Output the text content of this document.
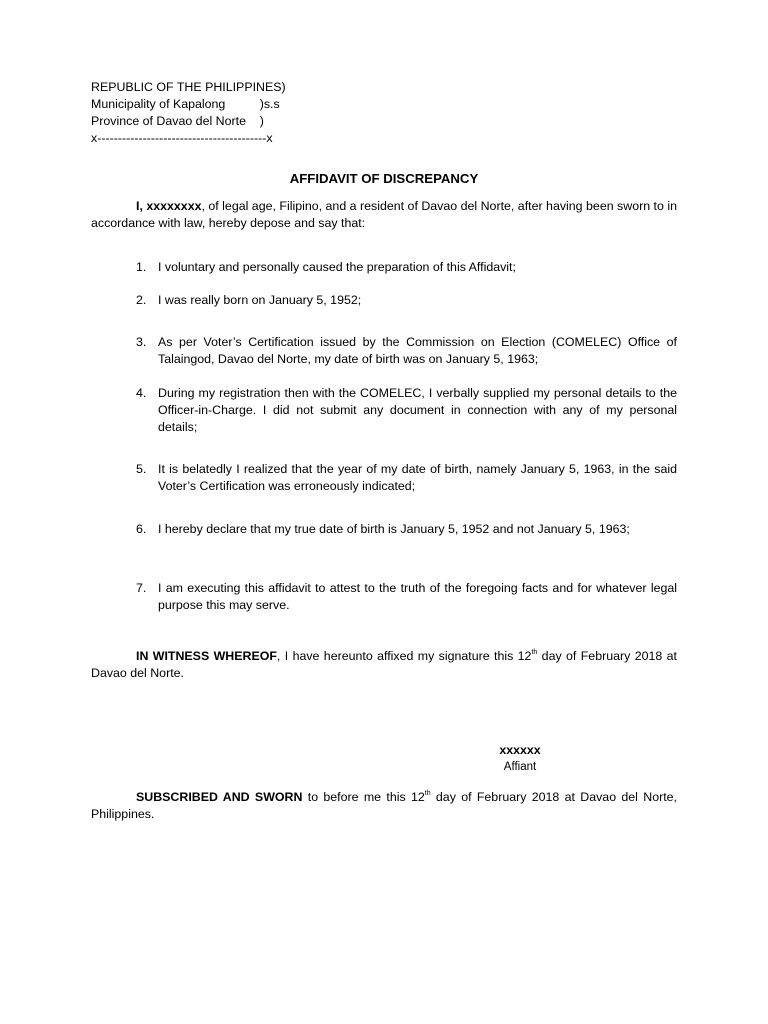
REPUBLIC OF THE PHILIPPINES)
Municipality of Kapalong          )s.s
Province of Davao del Norte    )
x-----------------------------------------x
AFFIDAVIT OF DISCREPANCY
I, xxxxxxxx, of legal age, Filipino, and a resident of Davao del Norte, after having been sworn to in accordance with law, hereby depose and say that:
1. I voluntary and personally caused the preparation of this Affidavit;
2. I was really born on January 5, 1952;
3. As per Voter’s Certification issued by the Commission on Election (COMELEC) Office of Talaingod, Davao del Norte, my date of birth was on January 5, 1963;
4. During my registration then with the COMELEC, I verbally supplied my personal details to the Officer-in-Charge. I did not submit any document in connection with any of my personal details;
5. It is belatedly I realized that the year of my date of birth, namely January 5, 1963, in the said Voter’s Certification was erroneously indicated;
6. I hereby declare that my true date of birth is January 5, 1952 and not January 5, 1963;
7. I am executing this affidavit to attest to the truth of the foregoing facts and for whatever legal purpose this may serve.
IN WITNESS WHEREOF, I have hereunto affixed my signature this 12th day of February 2018 at Davao del Norte.
xxxxxx
Affiant
SUBSCRIBED AND SWORN to before me this 12th day of February 2018 at Davao del Norte, Philippines.
